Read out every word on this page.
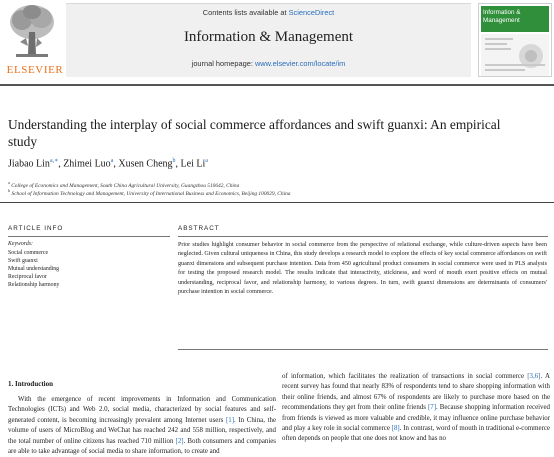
ELSEVIER
Contents lists available at ScienceDirect
Information & Management
journal homepage: www.elsevier.com/locate/im
Information & Management
Understanding the interplay of social commerce affordances and swift guanxi: An empirical study
Jiabao Lin$^{a,∗}$, Zhimei Luo$^a$, Xusen Cheng$^b$, Lei Li$^a$
$^a$ College of Economics and Management, South China Agricultural University, Guangzhou 510642, China
$^b$ School of Information Technology and Management, University of International Business and Economics, Beijing 100029, China
ARTICLE INFO
Keywords:
Social commerce
Swift guanxi
Mutual understanding
Reciprocal favor
Relationship harmony
ABSTRACT
Prior studies highlight consumer behavior in social commerce from the perspective of relational exchange, while culture-driven aspects have been neglected. Given cultural uniqueness in China, this study develops a research model to explore the effects of key social commerce affordances on swift guanxi dimensions and subsequent purchase intention. Data from 450 agricultural product consumers in social commerce were used in PLS analysis for testing the proposed research model. The results indicate that interactivity, stickiness, and word of mouth exert positive effects on mutual understanding, reciprocal favor, and relationship harmony, to various degrees. In turn, swift guanxi dimensions are determinants of consumers' purchase intention in social commerce.
1. Introduction
With the emergence of recent improvements in Information and Communication Technologies (ICTs) and Web 2.0, social media, characterized by social features and self-generated content, is becoming increasingly prevalent among Internet users [1]. In China, the volume of users of MicroBlog and WeChat has reached 242 and 558 million, respectively, and the total number of online citizens has reached 710 million [2]. Both consumers and companies are able to take advantage of social media to share information, to create and
of information, which facilitates the realization of transactions in social commerce [3,6]. A recent survey has found that nearly 83% of respondents tend to share shopping information with their online friends, and almost 67% of respondents are likely to purchase more based on the recommendations they get from their online friends [7]. Because shopping information received from friends is viewed as more valuable and credible, it may influence online purchase behavior and play a key role in social commerce [8]. In contrast, word of mouth in traditional e-commerce often depends on people that one does not know and has no
